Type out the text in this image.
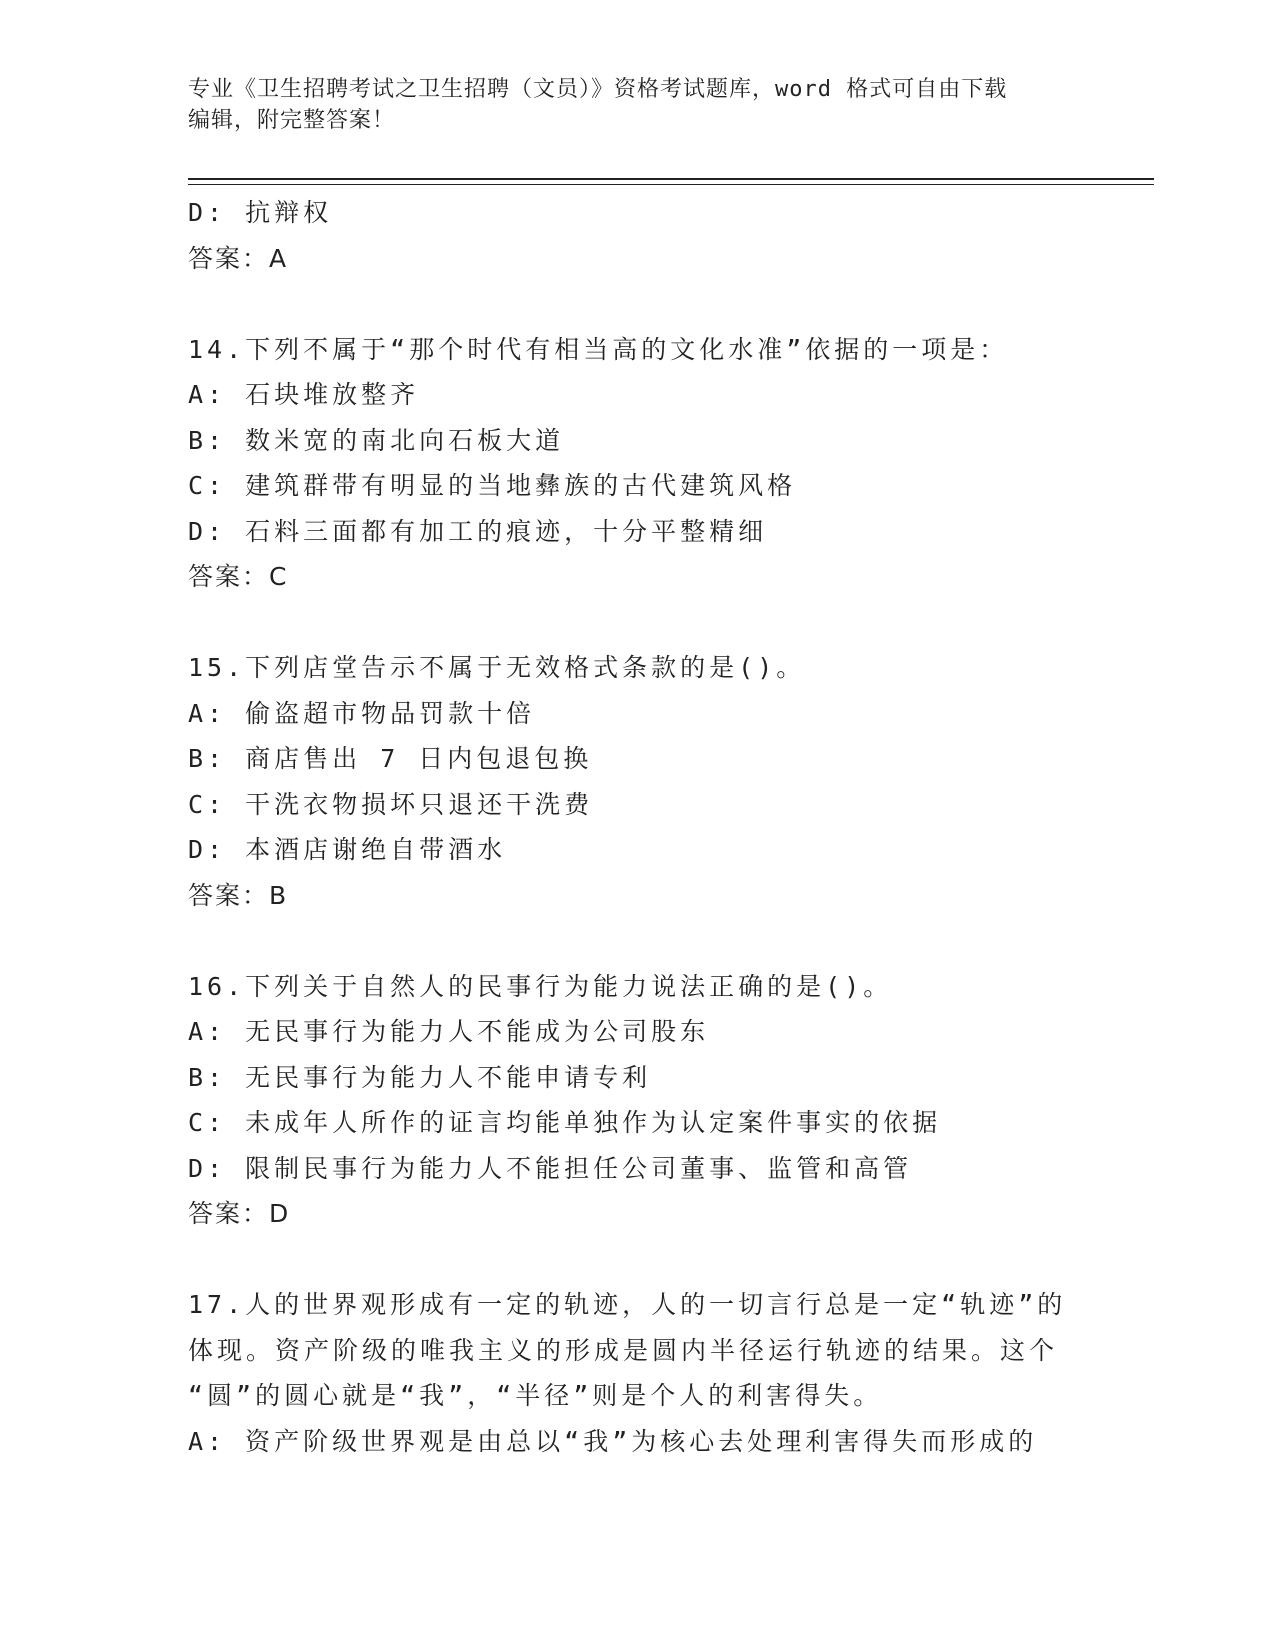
专业《卫生招聘考试之卫生招聘（文员）》资格考试题库，word 格式可自由下载
编辑，附完整答案！
D: 抗辩权
答案：A
14.下列不属于“那个时代有相当高的文化水准”依据的一项是：
A: 石块堆放整齐
B: 数米宽的南北向石板大道
C: 建筑群带有明显的当地彝族的古代建筑风格
D: 石料三面都有加工的痕迹，十分平整精细
答案：C
15.下列店堂告示不属于无效格式条款的是()。
A: 偷盗超市物品罚款十倍
B: 商店售出 7 日内包退包换
C: 干洗衣物损坏只退还干洗费
D: 本酒店谢绝自带酒水
答案：B
16.下列关于自然人的民事行为能力说法正确的是()。
A: 无民事行为能力人不能成为公司股东
B: 无民事行为能力人不能申请专利
C: 未成年人所作的证言均能单独作为认定案件事实的依据
D: 限制民事行为能力人不能担任公司董事、监管和高管
答案：D
17.人的世界观形成有一定的轨迹，人的一切言行总是一定“轨迹”的
体现。资产阶级的唯我主义的形成是圆内半径运行轨迹的结果。这个
“圆”的圆心就是“我”，“半径”则是个人的利害得失。
A: 资产阶级世界观是由总以“我”为核心去处理利害得失而形成的
